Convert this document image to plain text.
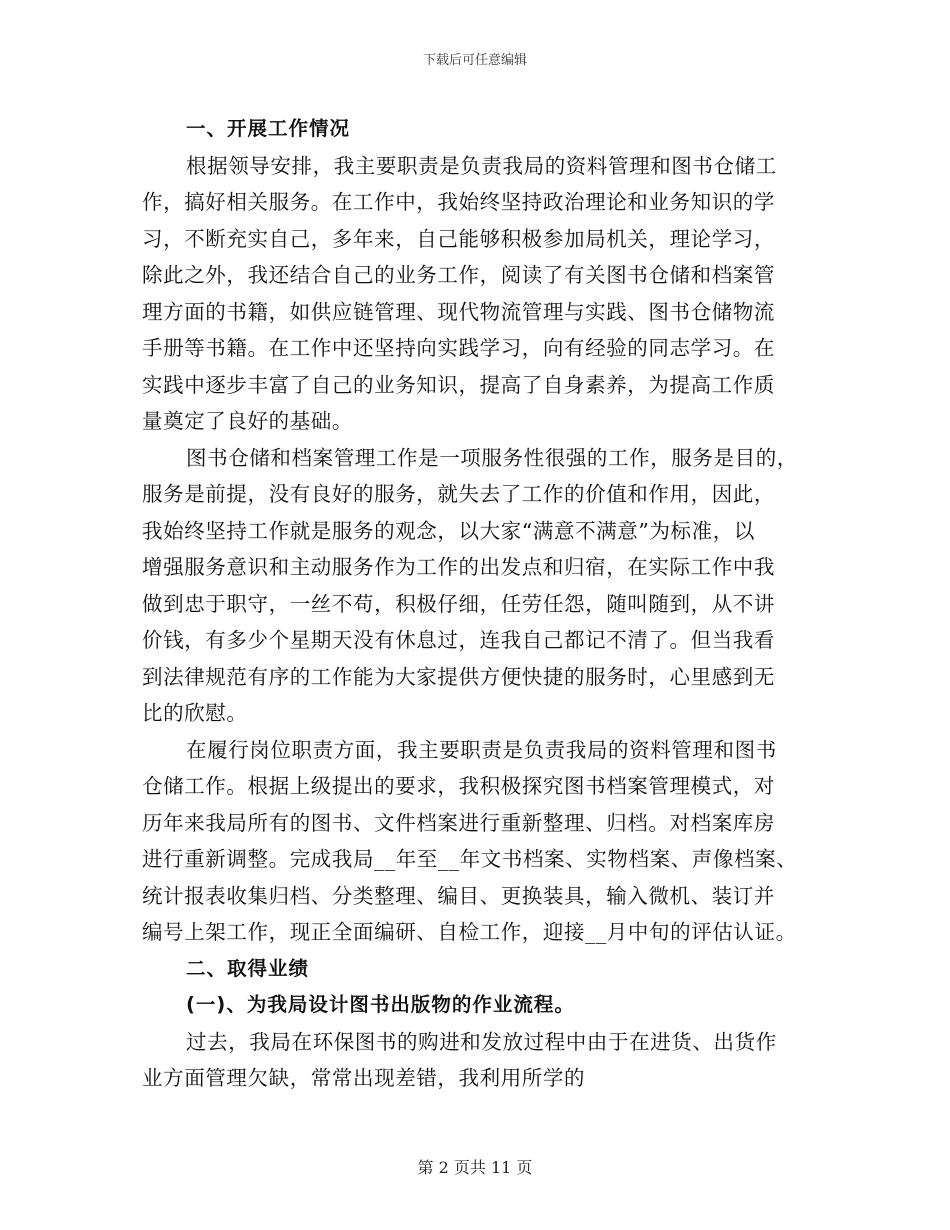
下载后可任意编辑
一、开展工作情况
根据领导安排，我主要职责是负责我局的资料管理和图书仓储工
作，搞好相关服务。在工作中，我始终坚持政治理论和业务知识的学
习，不断充实自己，多年来，自己能够积极参加局机关，理论学习，
除此之外，我还结合自己的业务工作，阅读了有关图书仓储和档案管
理方面的书籍，如供应链管理、现代物流管理与实践、图书仓储物流
手册等书籍。在工作中还坚持向实践学习，向有经验的同志学习。在
实践中逐步丰富了自己的业务知识，提高了自身素养，为提高工作质
量奠定了良好的基础。
图书仓储和档案管理工作是一项服务性很强的工作，服务是目的，
服务是前提，没有良好的服务，就失去了工作的价值和作用，因此，
我始终坚持工作就是服务的观念，以大家“满意不满意”为标准，以
增强服务意识和主动服务作为工作的出发点和归宿，在实际工作中我
做到忠于职守，一丝不苟，积极仔细，任劳任怨，随叫随到，从不讲
价钱，有多少个星期天没有休息过，连我自己都记不清了。但当我看
到法律规范有序的工作能为大家提供方便快捷的服务时，心里感到无
比的欣慰。
在履行岗位职责方面，我主要职责是负责我局的资料管理和图书
仓储工作。根据上级提出的要求，我积极探究图书档案管理模式，对
历年来我局所有的图书、文件档案进行重新整理、归档。对档案库房
进行重新调整。完成我局__年至__年文书档案、实物档案、声像档案、
统计报表收集归档、分类整理、编目、更换装具，输入微机、装订并
编号上架工作，现正全面编研、自检工作，迎接__月中旬的评估认证。
二、取得业绩
(一)、为我局设计图书出版物的作业流程。
过去，我局在环保图书的购进和发放过程中由于在进货、出货作
业方面管理欠缺，常常出现差错，我利用所学的
第 2 页共 11 页
